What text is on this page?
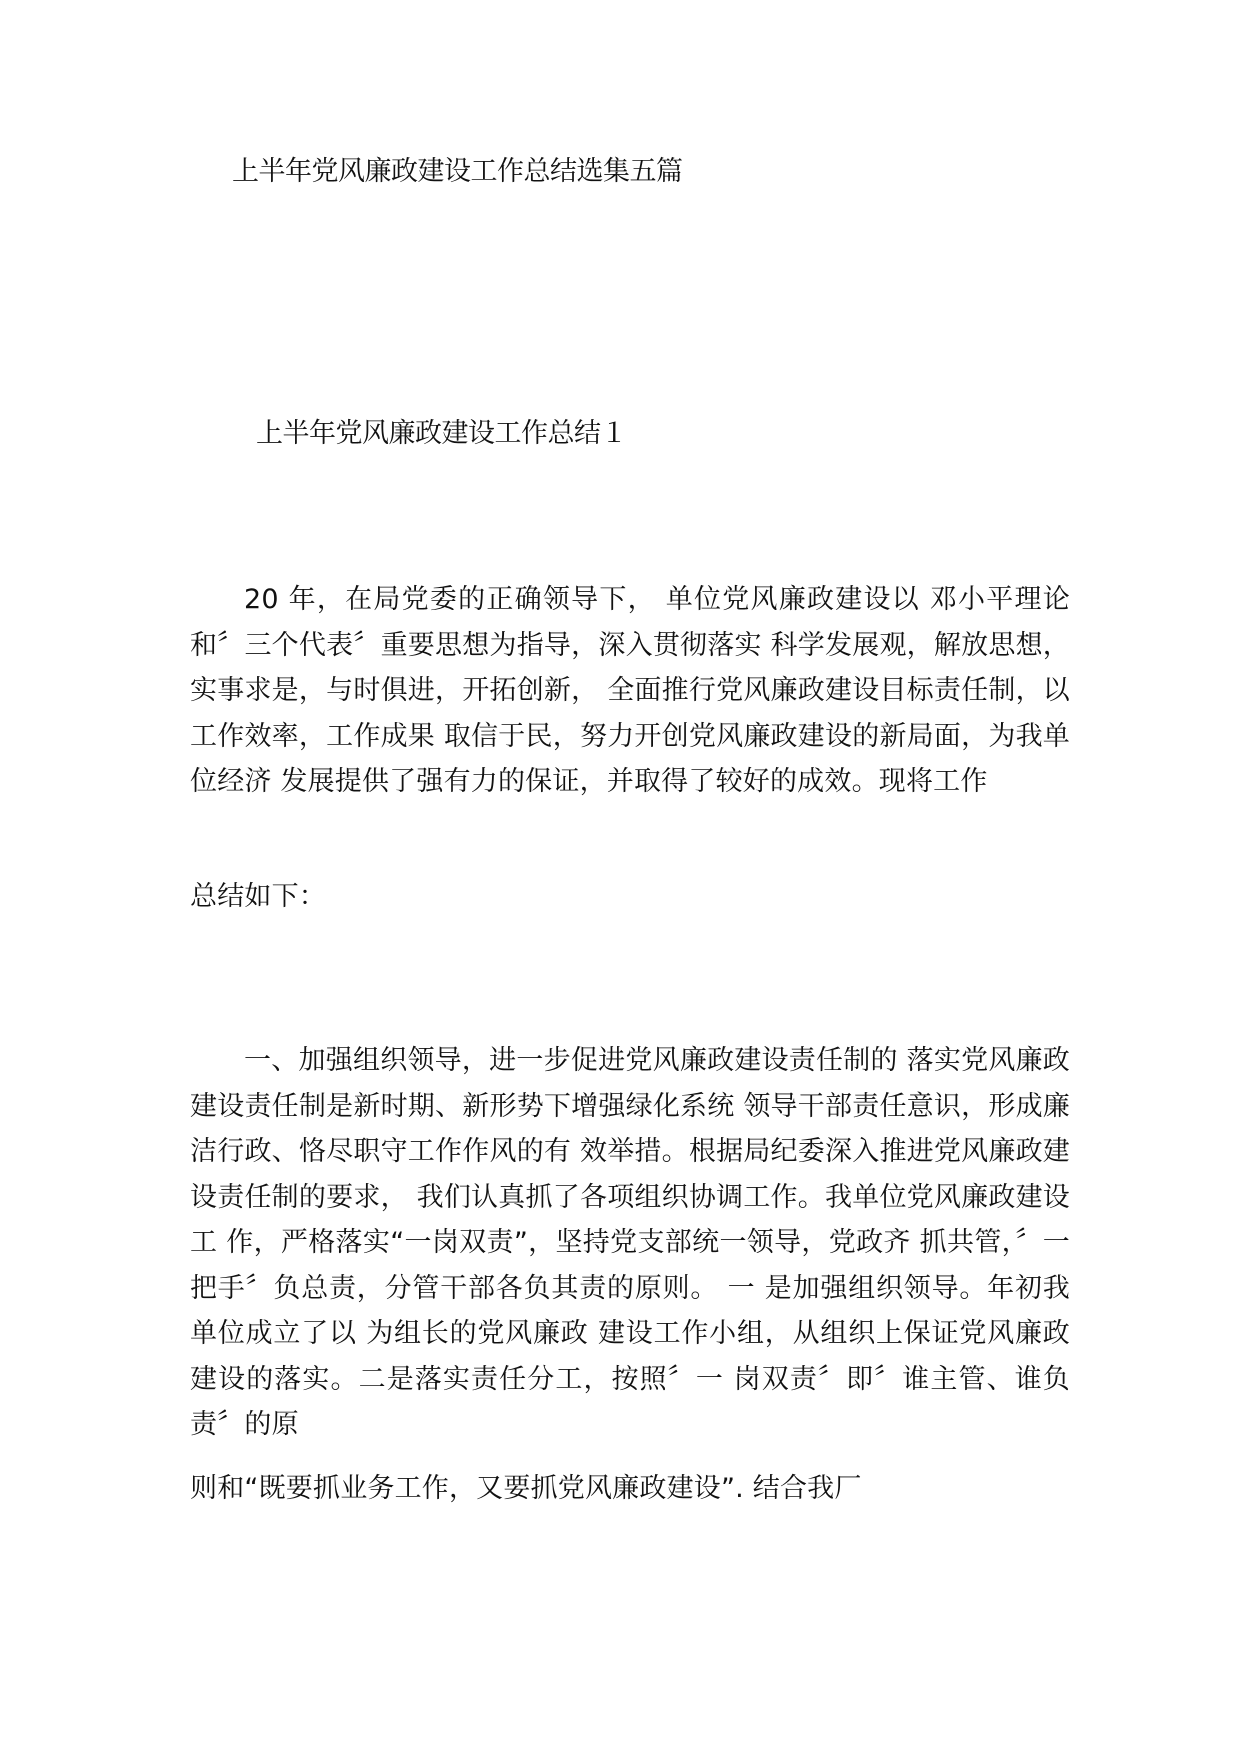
上半年党风廉政建设工作总结选集五篇
上半年党风廉政建设工作总结１

20 年，在局党委的正确领导下， 单位党风廉政建设以 邓小平理论和〞三个代表〞重要思想为指导，深入贯彻落实 科学发展观，解放思想，实事求是，与时俱进，开拓创新， 全面推行党风廉政建设目标责任制，以工作效率，工作成果 取信于民，努力开创党风廉政建设的新局面，为我单位经济 发展提供了强有力的保证，并取得了较好的成效。现将工作

总结如下：

一、加强组织领导，进一步促进党风廉政建设责任制的 落实党风廉政建设责任制是新时期、新形势下增强绿化系统 领导干部责任意识，形成廉洁行政、恪尽职守工作作风的有 效举措。根据局纪委深入推进党风廉政建设责任制的要求， 我们认真抓了各项组织协调工作。我单位党风廉政建设工 作，严格落实“一岗双责”，坚持党支部统一领导，党政齐 抓共管，〞一把手〞负总责，分管干部各负其责的原则。 一 是加强组织领导。年初我单位成立了以 为组长的党风廉政 建设工作小组，从组织上保证党风廉政建设的落实。二是落实责任分工，按照〞一 岗双责〞即〞谁主管、谁负责〞的原

则和“既要抓业务工作，又要抓党风廉政建设”. 结合我厂
